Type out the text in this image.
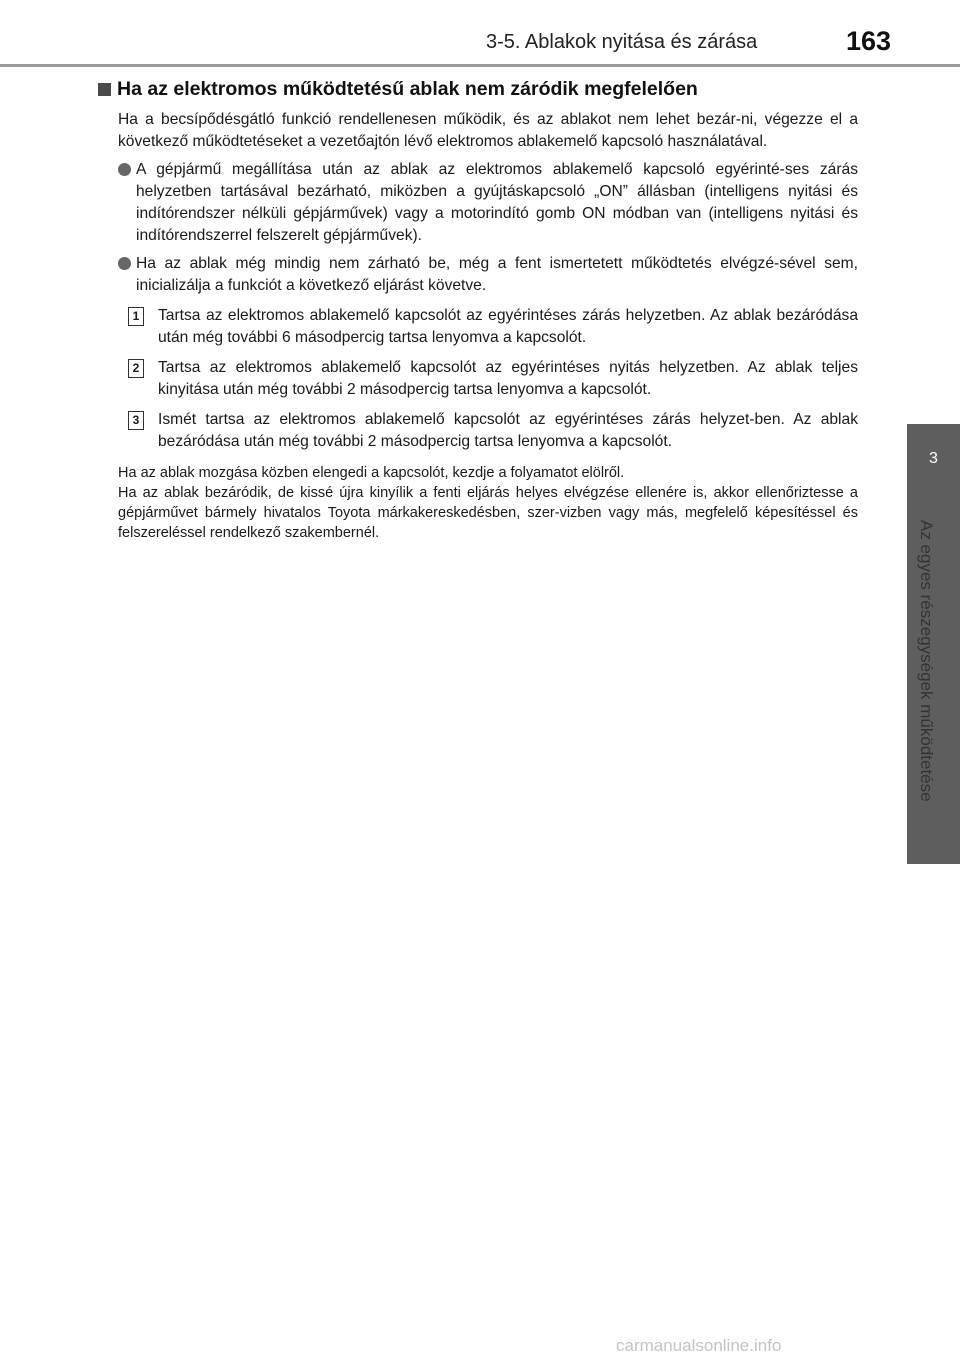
3-5. Ablakok nyitása és zárása	163
3
Az egyes részegységek működtetése
Ha az elektromos működtetésű ablak nem záródik megfelelően

Ha a becsípődésgátló funkció rendellenesen működik, és az ablakot nem lehet bezár-ni, végezze el a következő működtetéseket a vezetőajtón lévő elektromos ablakemelő kapcsoló használatával.

A gépjármű megállítása után az ablak az elektromos ablakemelő kapcsoló egyérinté-ses zárás helyzetben tartásával bezárható, miközben a gyújtáskapcsoló „ON” állásban (intelligens nyitási és indítórendszer nélküli gépjárművek) vagy a motorindító gomb ON módban van (intelligens nyitási és indítórendszerrel felszerelt gépjárművek).
Ha az ablak még mindig nem zárható be, még a fent ismertetett működtetés elvégzé-sével sem, inicializálja a funkciót a következő eljárást követve.
1 Tartsa az elektromos ablakemelő kapcsolót az egyérintéses zárás helyzetben. Az ablak bezáródása után még további 6 másodpercig tartsa lenyomva a kapcsolót.
2 Tartsa az elektromos ablakemelő kapcsolót az egyérintéses nyitás helyzetben. Az ablak teljes kinyitása után még további 2 másodpercig tartsa lenyomva a kapcsolót.
3 Ismét tartsa az elektromos ablakemelő kapcsolót az egyérintéses zárás helyzet-ben. Az ablak bezáródása után még további 2 másodpercig tartsa lenyomva a kapcsolót.
Ha az ablak mozgása közben elengedi a kapcsolót, kezdje a folyamatot elölről.
Ha az ablak bezáródik, de kissé újra kinyílik a fenti eljárás helyes elvégzése ellenére is, akkor ellenőriztesse a gépjárművet bármely hivatalos Toyota márkakereskedésben, szer-vizben vagy más, megfelelő képesítéssel és felszereléssel rendelkező szakembernél.
carmanualsonline.info
